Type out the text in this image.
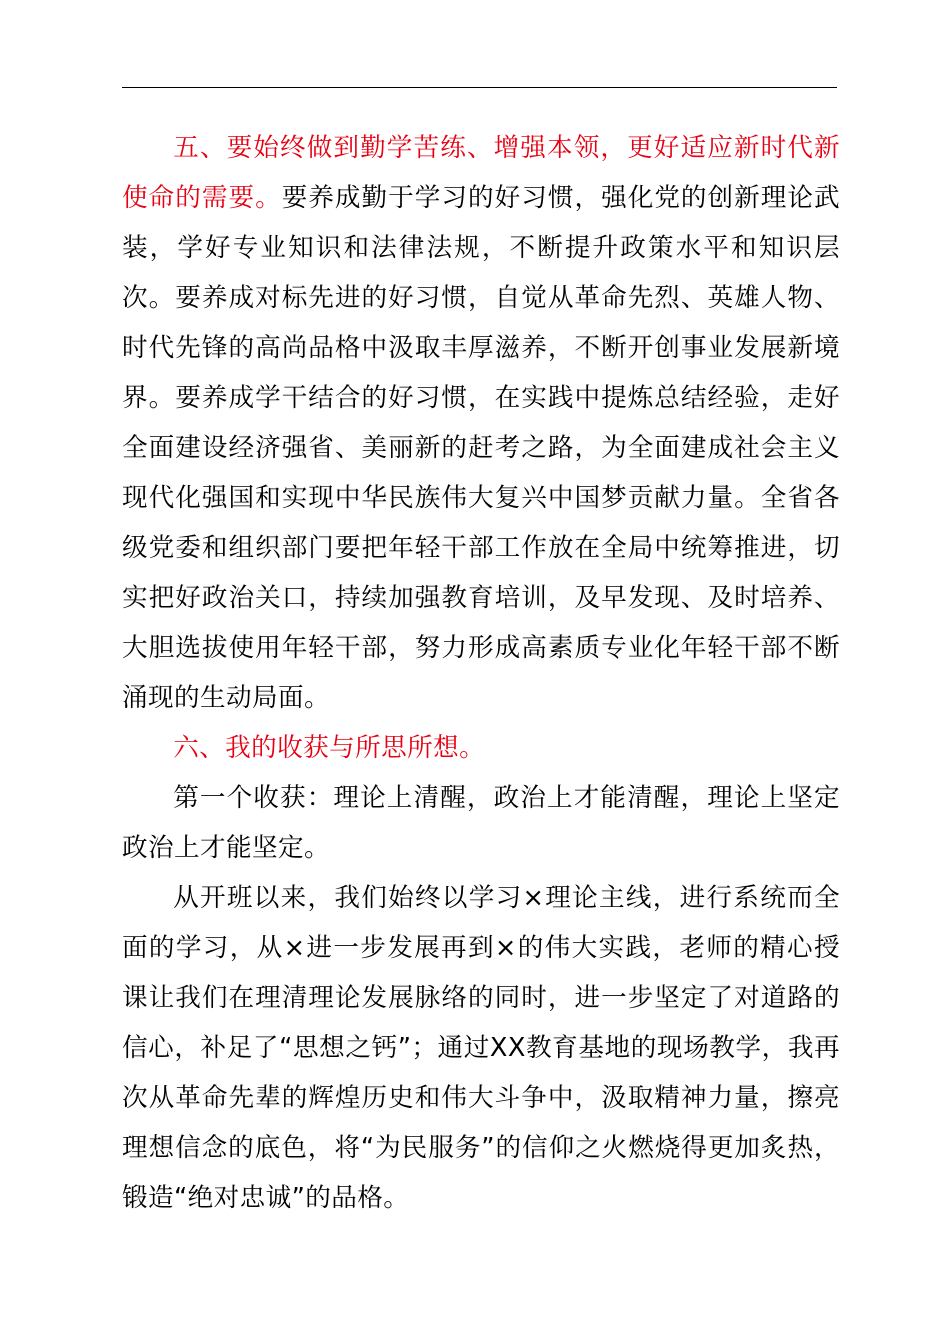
五、要始终做到勤学苦练、增强本领，更好适应新时代新使命的需要。要养成勤于学习的好习惯，强化党的创新理论武装，学好专业知识和法律法规，不断提升政策水平和知识层次。要养成对标先进的好习惯，自觉从革命先烈、英雄人物、时代先锋的高尚品格中汲取丰厚滋养，不断开创事业发展新境界。要养成学干结合的好习惯，在实践中提炼总结经验，走好全面建设经济强省、美丽新的赶考之路，为全面建成社会主义现代化强国和实现中华民族伟大复兴中国梦贡献力量。全省各级党委和组织部门要把年轻干部工作放在全局中统筹推进，切实把好政治关口，持续加强教育培训，及早发现、及时培养、大胆选拔使用年轻干部，努力形成高素质专业化年轻干部不断涌现的生动局面。

六、我的收获与所思所想。

第一个收获：理论上清醒，政治上才能清醒，理论上坚定政治上才能坚定。

从开班以来，我们始终以学习×理论主线，进行系统而全面的学习，从×进一步发展再到×的伟大实践，老师的精心授课让我们在理清理论发展脉络的同时，进一步坚定了对道路的信心，补足了“思想之钙”；通过XX教育基地的现场教学，我再次从革命先辈的辉煌历史和伟大斗争中，汲取精神力量，擦亮理想信念的底色，将“为民服务”的信仰之火燃烧得更加炙热，锻造“绝对忠诚”的品格。
